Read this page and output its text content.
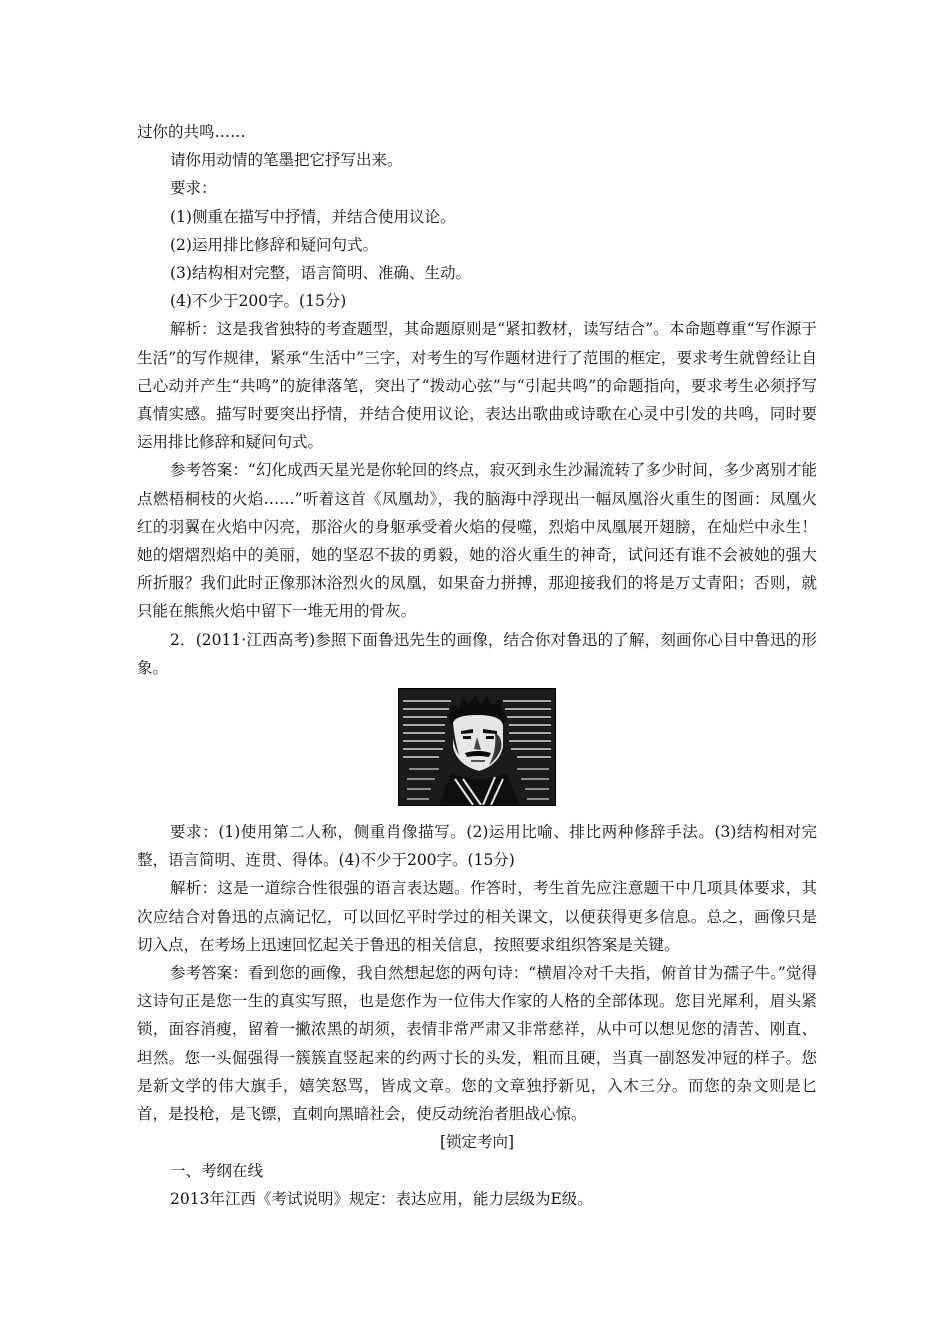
过你的共鸣……

请你用动情的笔墨把它抒写出来。

要求：

(1)侧重在描写中抒情，并结合使用议论。

(2)运用排比修辞和疑问句式。

(3)结构相对完整，语言简明、准确、生动。

(4)不少于200字。(15分)

解析：这是我省独特的考查题型，其命题原则是“紧扣教材，读写结合”。本命题尊重“写作源于生活”的写作规律，紧承“生活中”三字，对考生的写作题材进行了范围的框定，要求考生就曾经让自己心动并产生“共鸣”的旋律落笔，突出了“拨动心弦”与“引起共鸣”的命题指向，要求考生必须抒写真情实感。描写时要突出抒情，并结合使用议论，表达出歌曲或诗歌在心灵中引发的共鸣，同时要运用排比修辞和疑问句式。

参考答案：“幻化成西天星光是你轮回的终点，寂灭到永生沙漏流转了多少时间，多少离别才能点燃梧桐枝的火焰……”听着这首《凤凰劫》，我的脑海中浮现出一幅凤凰浴火重生的图画：凤凰火红的羽翼在火焰中闪亮，那浴火的身躯承受着火焰的侵噬，烈焰中凤凰展开翅膀，在灿烂中永生！她的熠熠烈焰中的美丽，她的坚忍不拔的勇毅，她的浴火重生的神奇，试问还有谁不会被她的强大所折服？我们此时正像那沐浴烈火的凤凰，如果奋力拼搏，那迎接我们的将是万丈青阳；否则，就只能在熊熊火焰中留下一堆无用的骨灰。

2．(2011·江西高考)参照下面鲁迅先生的画像，结合你对鲁迅的了解，刻画你心目中鲁迅的形象。

要求：(1)使用第二人称，侧重肖像描写。(2)运用比喻、排比两种修辞手法。(3)结构相对完整，语言简明、连贯、得体。(4)不少于200字。(15分)

解析：这是一道综合性很强的语言表达题。作答时，考生首先应注意题干中几项具体要求，其次应结合对鲁迅的点滴记忆，可以回忆平时学过的相关课文，以便获得更多信息。总之，画像只是切入点，在考场上迅速回忆起关于鲁迅的相关信息，按照要求组织答案是关键。

参考答案：看到您的画像，我自然想起您的两句诗：“横眉冷对千夫指，俯首甘为孺子牛。”觉得这诗句正是您一生的真实写照，也是您作为一位伟大作家的人格的全部体现。您目光犀利，眉头紧锁，面容消瘦，留着一撇浓黑的胡须，表情非常严肃又非常慈祥，从中可以想见您的清苦、刚直、坦然。您一头倔强得一簇簇直竖起来的约两寸长的头发，粗而且硬，当真一副怒发冲冠的样子。您是新文学的伟大旗手，嬉笑怒骂，皆成文章。您的文章独抒新见，入木三分。而您的杂文则是匕首，是投枪，是飞镖，直刺向黑暗社会，使反动统治者胆战心惊。

[锁定考向]

一、考纲在线

2013年江西《考试说明》规定：表达应用，能力层级为E级。
